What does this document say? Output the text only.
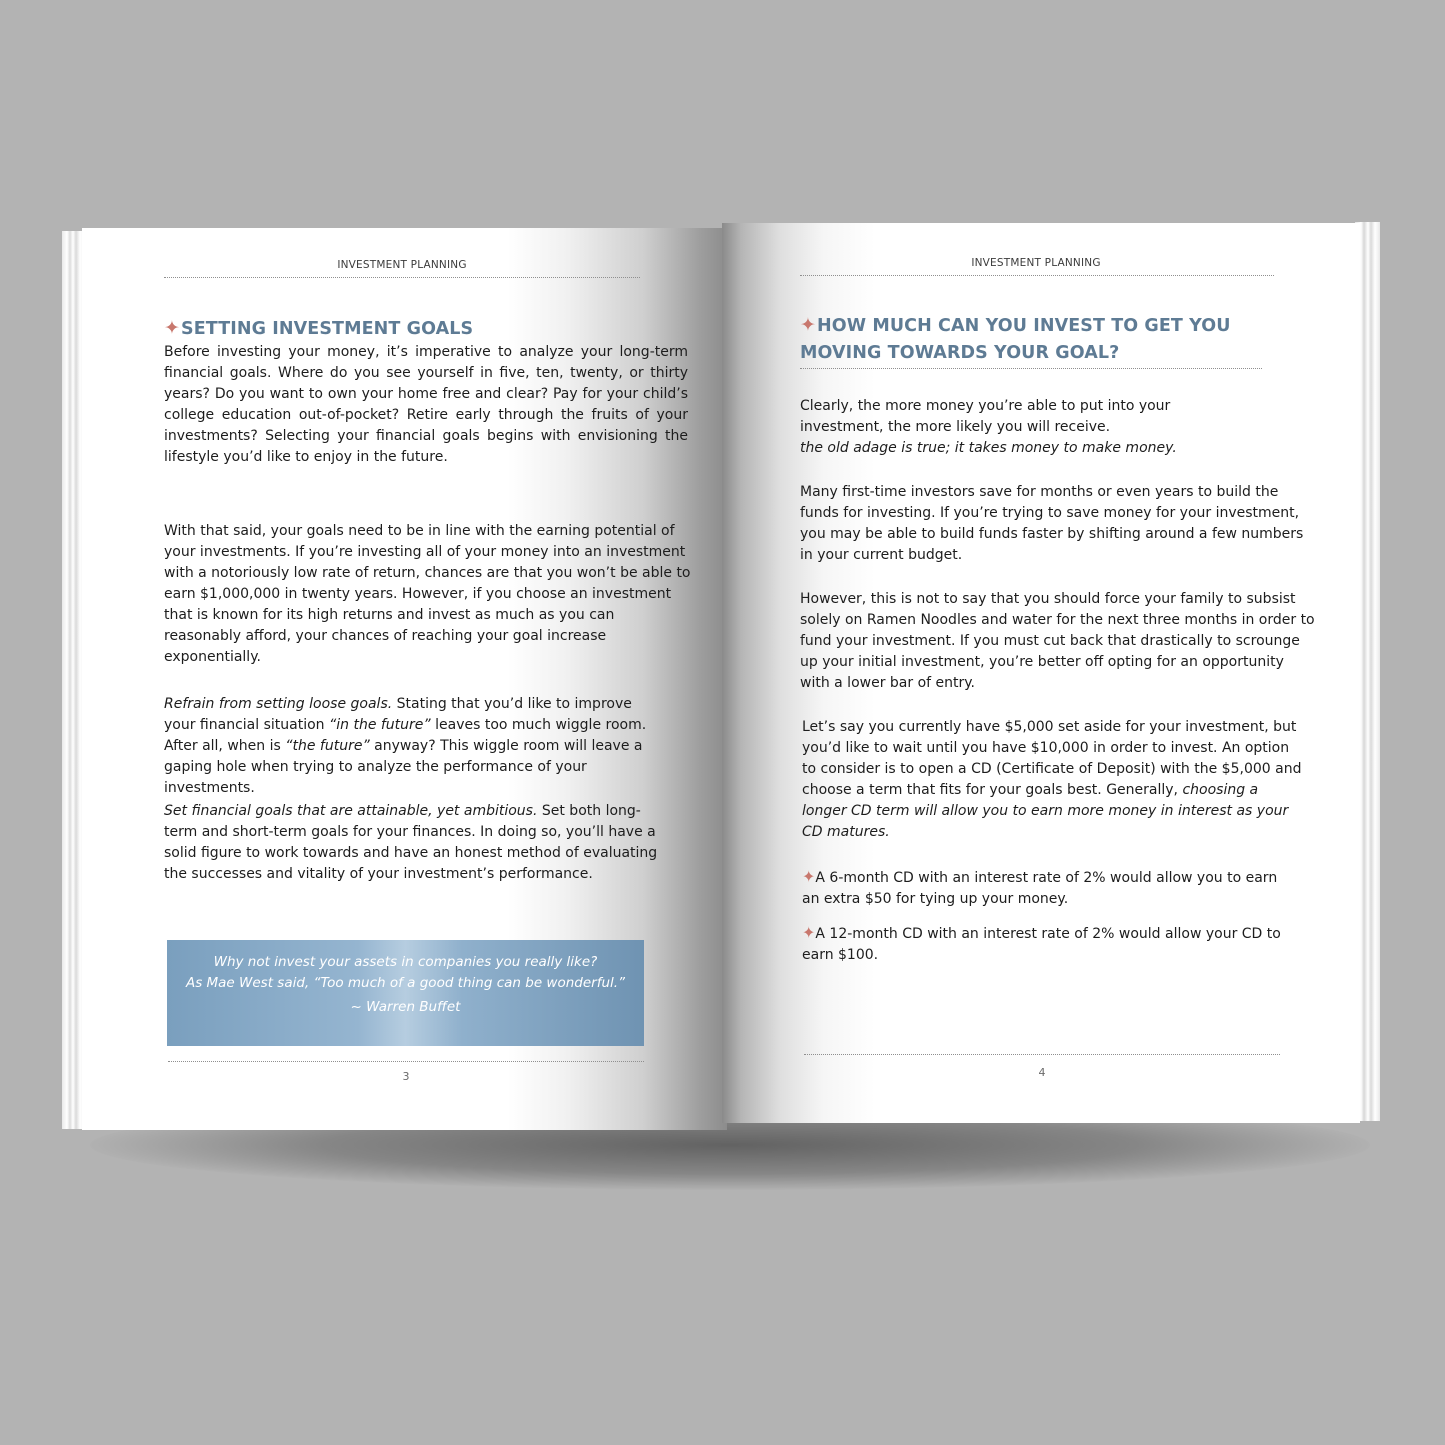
INVESTMENT PLANNING
✦SETTING INVESTMENT GOALS

Before investing your money, it’s imperative to analyze your long-term financial goals. Where do you see yourself in five, ten, twenty, or thirty years? Do you want to own your home free and clear? Pay for your child’s college education out-of-pocket? Retire early through the fruits of your investments? Selecting your financial goals begins with envisioning the lifestyle you’d like to enjoy in the future.

With that said, your goals need to be in line with the earning potential of your investments. If you’re investing all of your money into an investment with a notoriously low rate of return, chances are that you won’t be able to earn $1,000,000 in twenty years. However, if you choose an investment that is known for its high returns and invest as much as you can reasonably afford, your chances of reaching your goal increase exponentially.

Refrain from setting loose goals. Stating that you’d like to improve your financial situation “in the future” leaves too much wiggle room. After all, when is “the future” anyway? This wiggle room will leave a gaping hole when trying to analyze the performance of your investments.

Set financial goals that are attainable, yet ambitious. Set both long-term and short-term goals for your finances. In doing so, you’ll have a solid figure to work towards and have an honest method of evaluating the successes and vitality of your investment’s performance.

Why not invest your assets in companies you really like?
As Mae West said, “Too much of a good thing can be wonderful.”
~ Warren Buffet
3
INVESTMENT PLANNING
✦HOW MUCH CAN YOU INVEST TO GET YOU MOVING TOWARDS YOUR GOAL?

Clearly, the more money you’re able to put into your investment, the more likely you will receive.
the old adage is true; it takes money to make money.

Many first-time investors save for months or even years to build the funds for investing. If you’re trying to save money for your investment, you may be able to build funds faster by shifting around a few numbers in your current budget.

However, this is not to say that you should force your family to subsist solely on Ramen Noodles and water for the next three months in order to fund your investment. If you must cut back that drastically to scrounge up your initial investment, you’re better off opting for an opportunity with a lower bar of entry.

Let’s say you currently have $5,000 set aside for your investment, but you’d like to wait until you have $10,000 in order to invest. An option to consider is to open a CD (Certificate of Deposit) with the $5,000 and choose a term that fits for your goals best. Generally, choosing a longer CD term will allow you to earn more money in interest as your CD matures.

✦A 6-month CD with an interest rate of 2% would allow you to earn an extra $50 for tying up your money.

✦A 12-month CD with an interest rate of 2% would allow your CD to earn $100.

4
